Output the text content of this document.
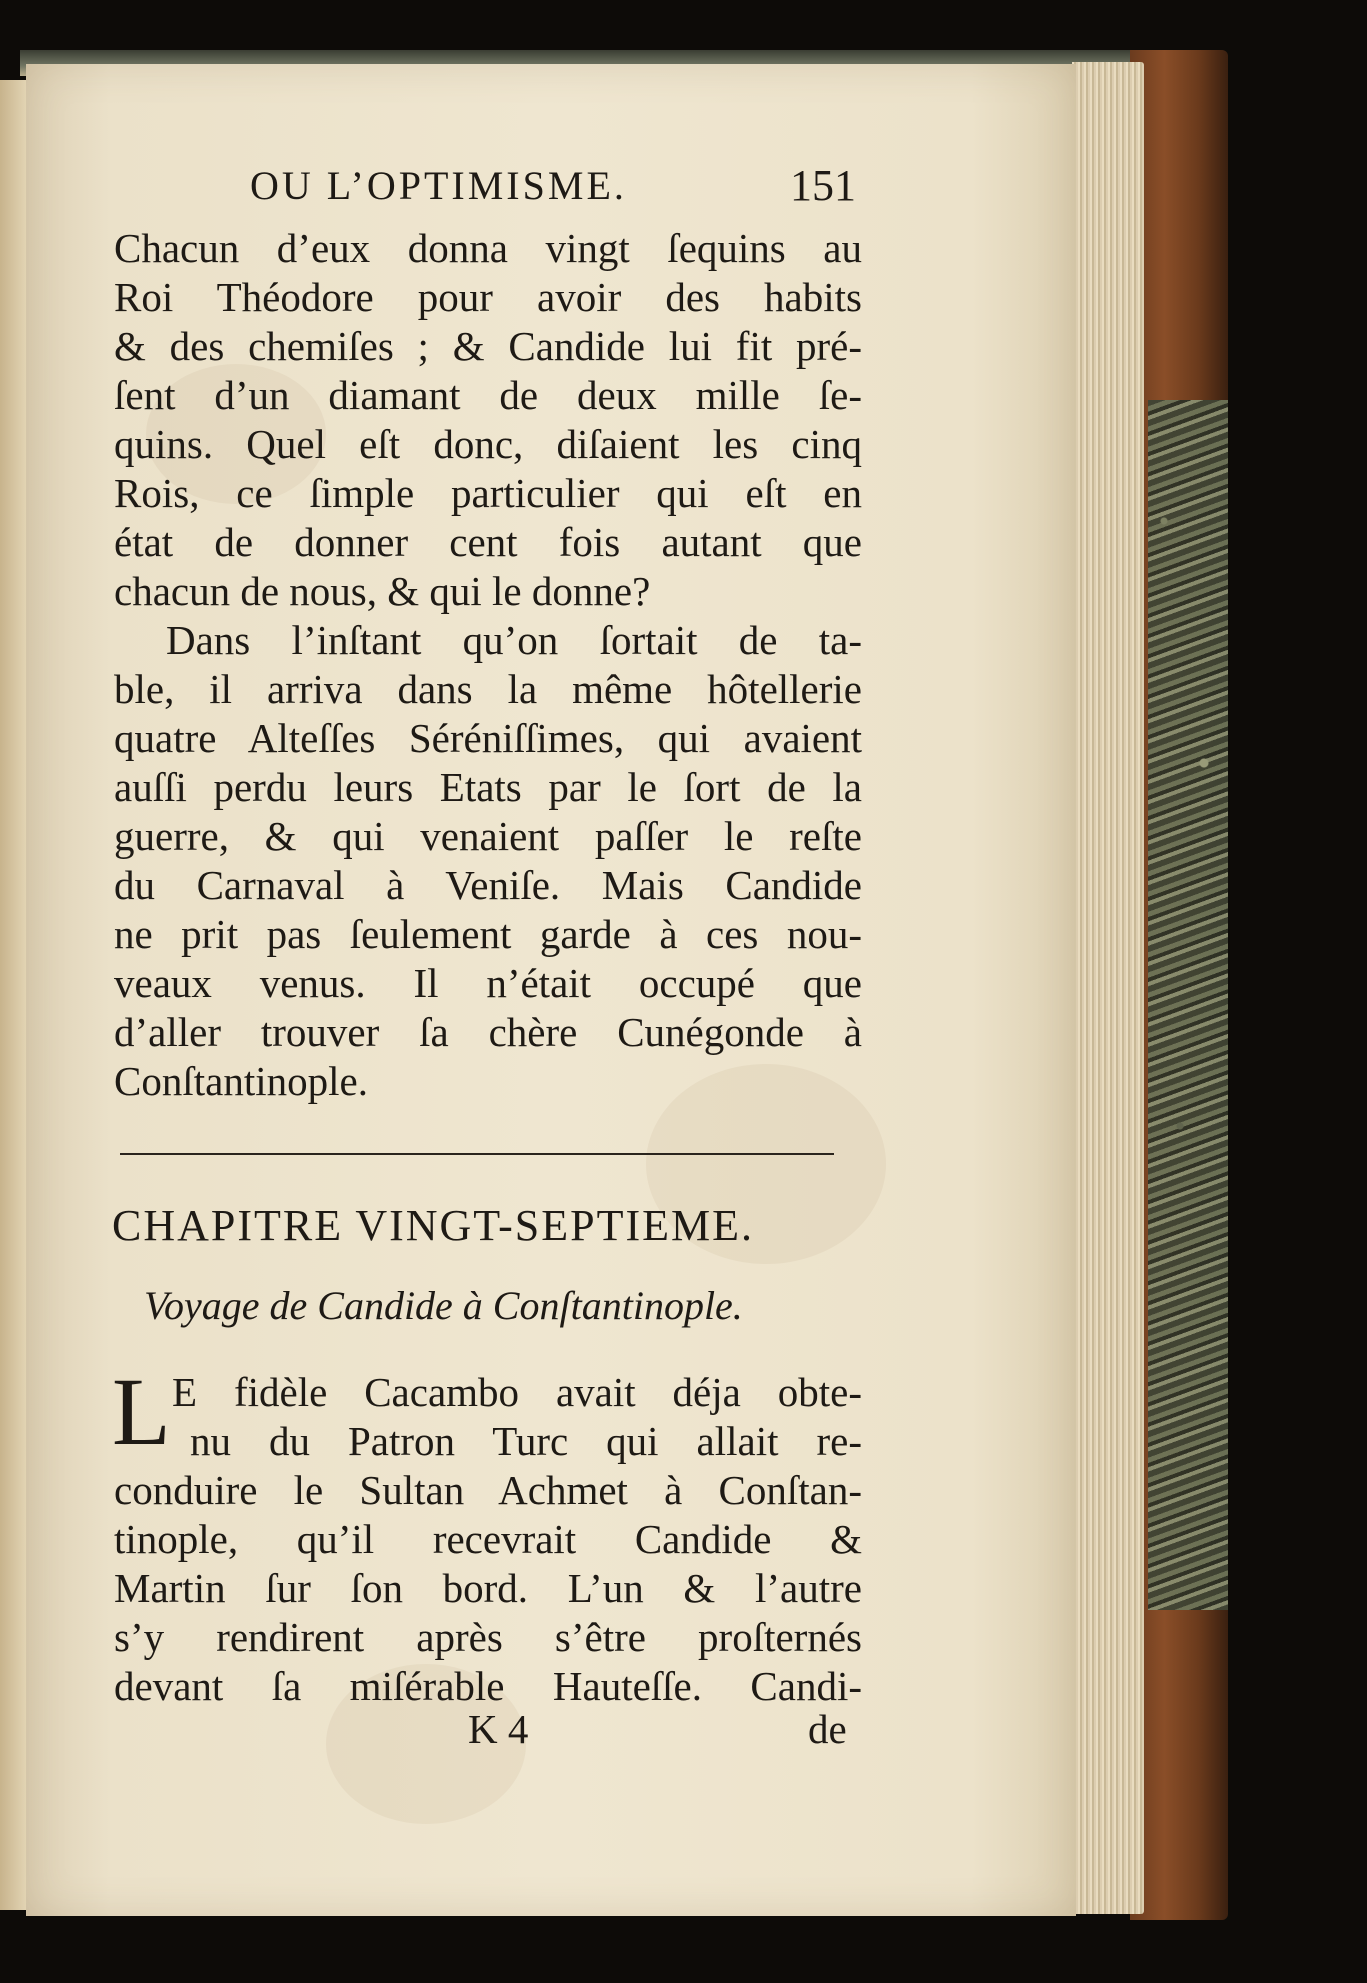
OU L’OPTIMISME.	151
Chacun d’eux donna vingt ſequins au
Roi Théodore pour avoir des habits
& des chemiſes ; & Candide lui fit pré-
ſent d’un diamant de deux mille ſe-
quins. Quel eſt donc, diſaient les cinq
Rois, ce ſimple particulier qui eſt en
état de donner cent fois autant que
chacun de nous, & qui le donne?
Dans l’inſtant qu’on ſortait de ta-
ble, il arriva dans la même hôtellerie
quatre Alteſſes Séréniſſimes, qui avaient
auſſi perdu leurs Etats par le ſort de la
guerre, & qui venaient paſſer le reſte
du Carnaval à Veniſe. Mais Candide
ne prit pas ſeulement garde à ces nou-
veaux venus. Il n’était occupé que
d’aller trouver ſa chère Cunégonde à
Conſtantinople.
CHAPITRE VINGT-SEPTIEME.
Voyage de Candide à Conſtantinople.
L E fidèle Cacambo avait déja obte-
nu du Patron Turc qui allait re-
conduire le Sultan Achmet à Conſtan-
tinople, qu’il recevrait Candide &
Martin ſur ſon bord. L’un & l’autre
s’y rendirent après s’être proſternés
devant ſa miſérable Hauteſſe. Candi-
K 4	de
